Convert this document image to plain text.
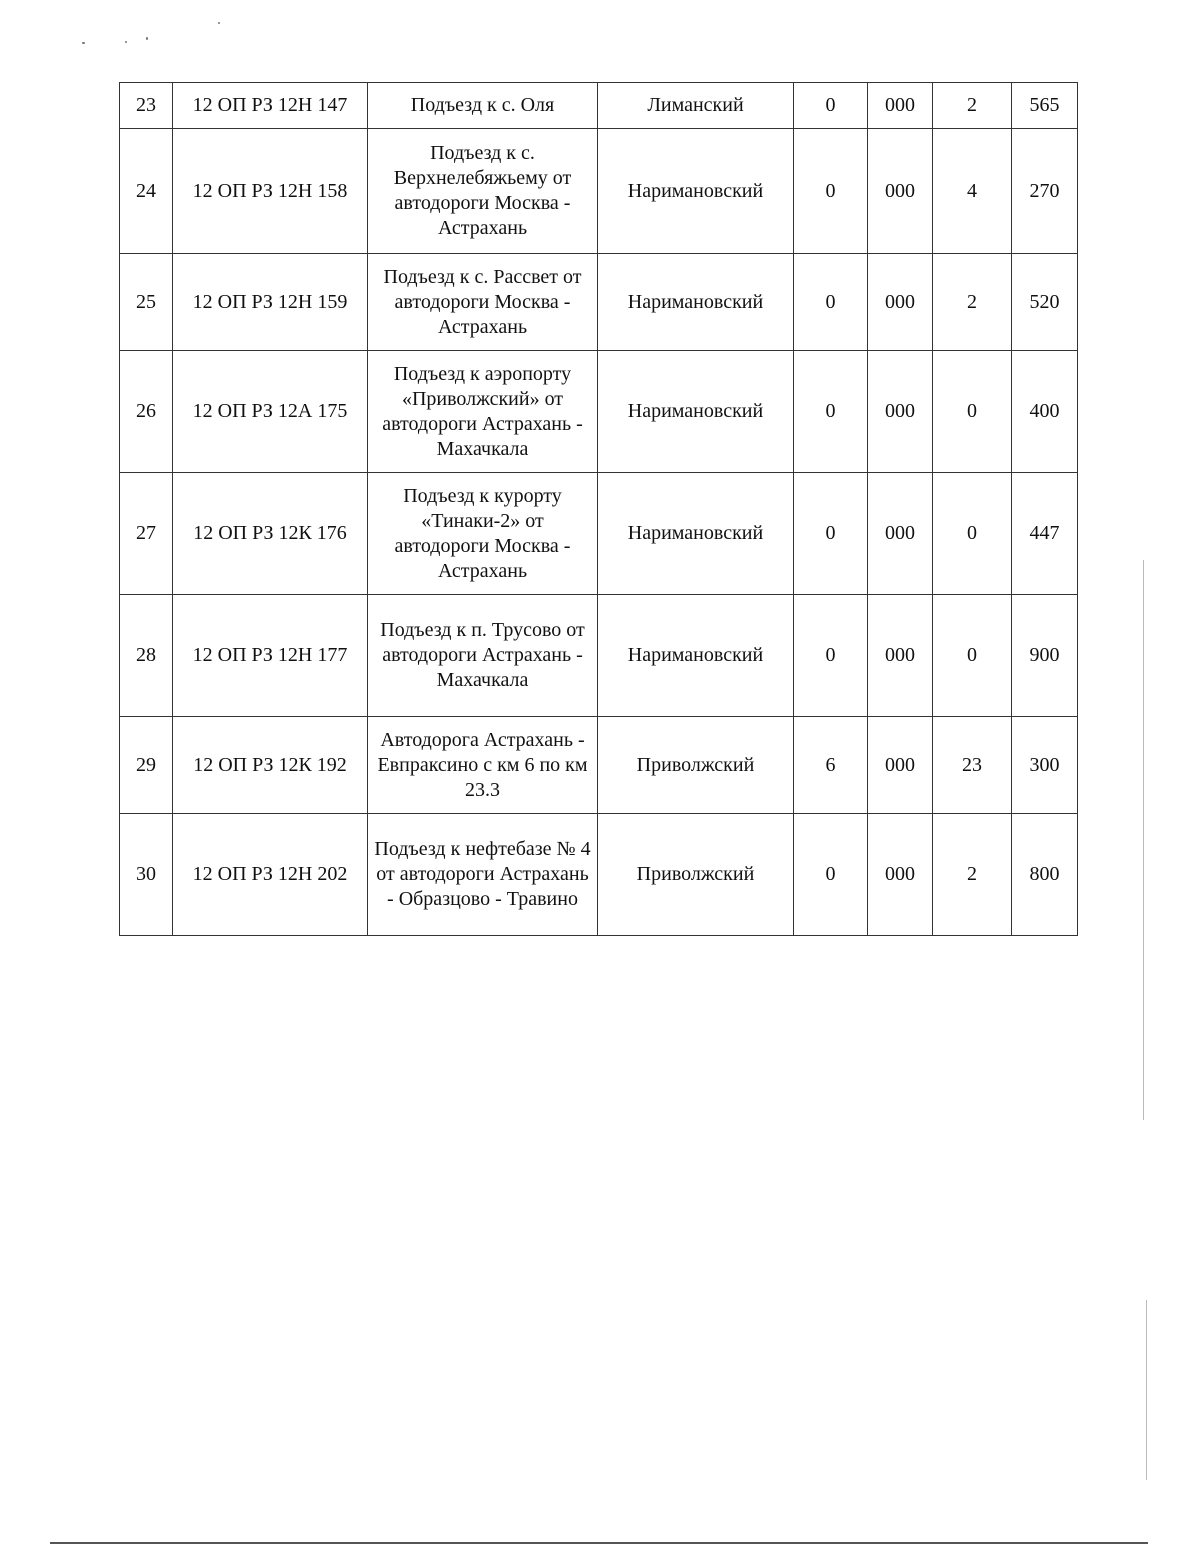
23	12 ОП РЗ 12Н 147	Подъезд к с. Оля	Лиманский	0	000	2	565
24	12 ОП РЗ 12Н 158	Подъезд к с. Верхнелебяжьему от автодороги Москва - Астрахань	Наримановский	0	000	4	270
25	12 ОП РЗ 12Н 159	Подъезд к с. Рассвет от автодороги Москва - Астрахань	Наримановский	0	000	2	520
26	12 ОП РЗ 12А 175	Подъезд к аэропорту «Приволжский» от автодороги Астрахань - Махачкала	Наримановский	0	000	0	400
27	12 ОП РЗ 12К 176	Подъезд к курорту «Тинаки-2» от автодороги Москва - Астрахань	Наримановский	0	000	0	447
28	12 ОП РЗ 12Н 177	Подъезд к п. Трусово от автодороги Астрахань - Махачкала	Наримановский	0	000	0	900
29	12 ОП РЗ 12К 192	Автодорога Астрахань - Евпраксино с км 6 по км 23.3	Приволжский	6	000	23	300
30	12 ОП РЗ 12Н 202	Подъезд к нефтебазе № 4 от автодороги Астрахань - Образцово - Травино	Приволжский	0	000	2	800
